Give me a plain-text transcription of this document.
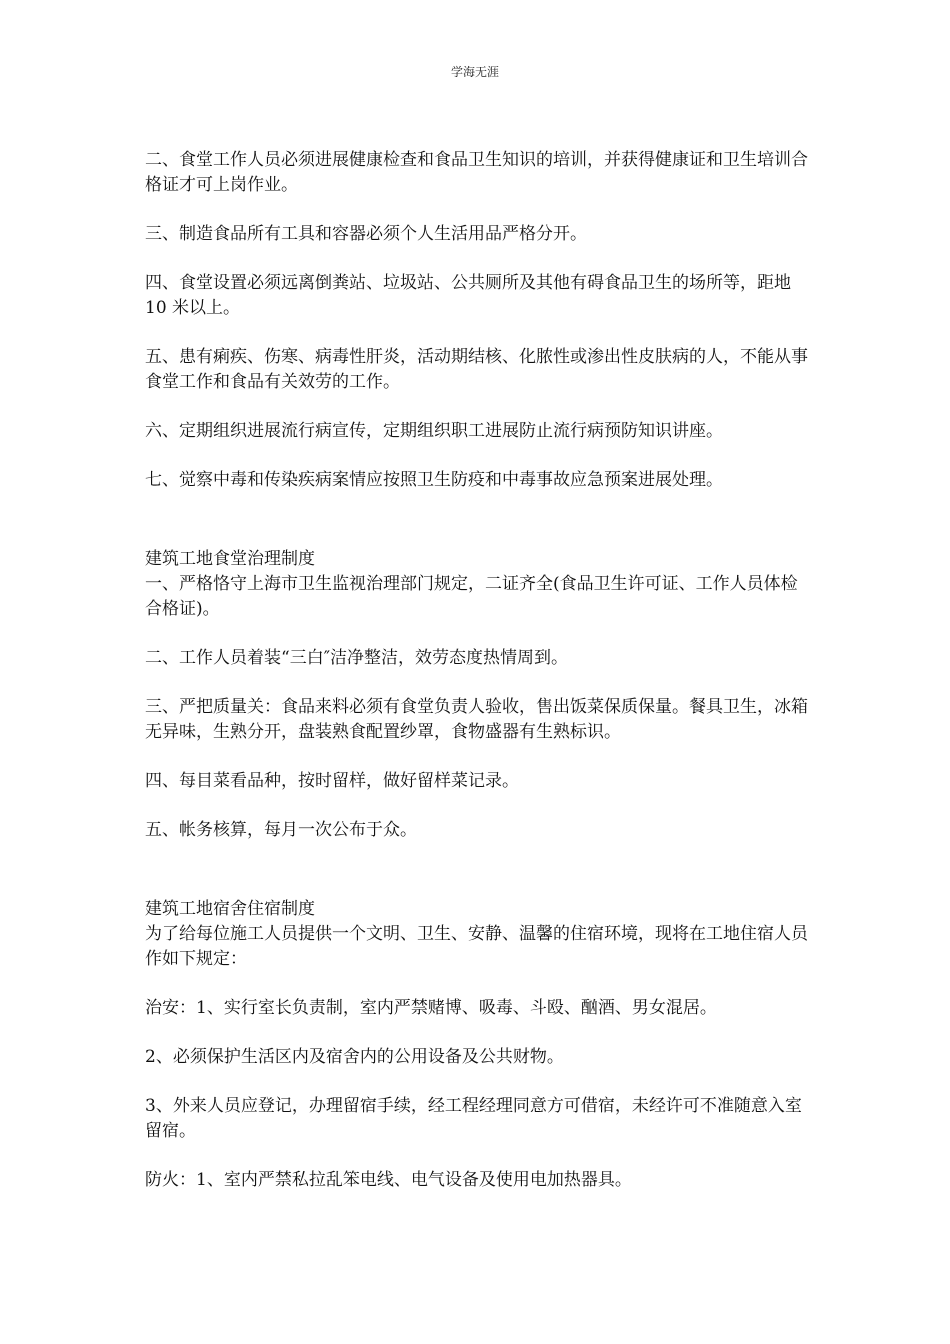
学海无涯

二、食堂工作人员必须进展健康检查和食品卫生知识的培训，并获得健康证和卫生培训合格证才可上岗作业。

三、制造食品所有工具和容器必须个人生活用品严格分开。

四、食堂设置必须远离倒粪站、垃圾站、公共厕所及其他有碍食品卫生的场所等，距地 10 米以上。

五、患有痢疾、伤寒、病毒性肝炎，活动期结核、化脓性或渗出性皮肤病的人，不能从事食堂工作和食品有关效劳的工作。

六、定期组织进展流行病宣传，定期组织职工进展防止流行病预防知识讲座。

七、觉察中毒和传染疾病案情应按照卫生防疫和中毒事故应急预案进展处理。

建筑工地食堂治理制度

一、严格恪守上海市卫生监视治理部门规定，二证齐全(食品卫生许可证、工作人员体检合格证)。

二、工作人员着装“三白″洁净整洁，效劳态度热情周到。

三、严把质量关：食品来料必须有食堂负责人验收，售出饭菜保质保量。餐具卫生，冰箱无异味，生熟分开，盘装熟食配置纱罩，食物盛器有生熟标识。

四、每目菜看品种，按时留样，做好留样菜记录。

五、帐务核算，每月一次公布于众。

建筑工地宿舍住宿制度

为了给每位施工人员提供一个文明、卫生、安静、温馨的住宿环境，现将在工地住宿人员作如下规定：

治安：1、实行室长负责制，室内严禁赌博、吸毒、斗殴、酗酒、男女混居。

2、必须保护生活区内及宿舍内的公用设备及公共财物。

3、外来人员应登记，办理留宿手续，经工程经理同意方可借宿，未经许可不准随意入室留宿。

防火：1、室内严禁私拉乱笨电线、电气设备及使用电加热器具。
